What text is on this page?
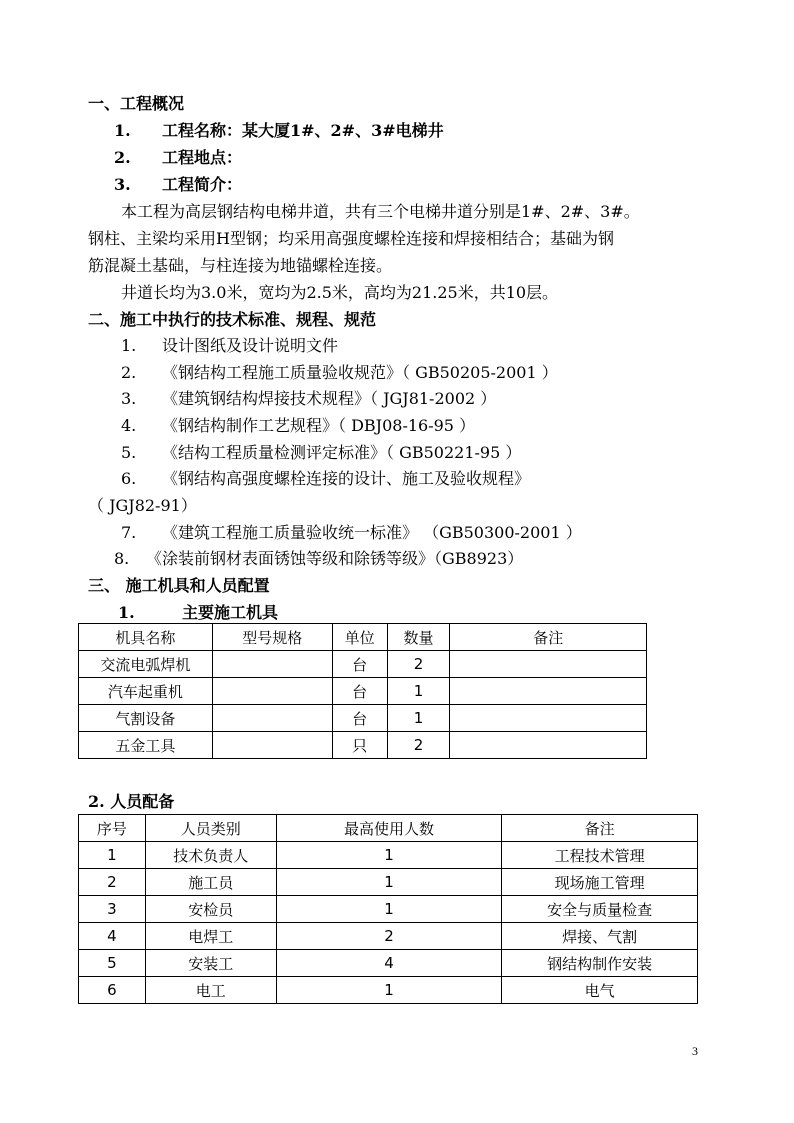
一、工程概况
1. 工程名称：某大厦1#、2#、3#电梯井
2. 工程地点：
3. 工程简介：
本工程为高层钢结构电梯井道，共有三个电梯井道分别是1#、2#、3#。
钢柱、主梁均采用H型钢；均采用高强度螺栓连接和焊接相结合；基础为钢
筋混凝土基础，与柱连接为地锚螺栓连接。
井道长均为3.0米，宽均为2.5米，高均为21.25米，共10层。
二、施工中执行的技术标准、规程、规范
1. 设计图纸及设计说明文件
2. 《钢结构工程施工质量验收规范》（ GB50205-2001 ）
3. 《建筑钢结构焊接技术规程》（ JGJ81-2002 ）
4. 《钢结构制作工艺规程》（ DBJ08-16-95 ）
5. 《结构工程质量检测评定标准》（ GB50221-95 ）
6. 《钢结构高强度螺栓连接的设计、施工及验收规程》
（ JGJ82-91）
7. 《建筑工程施工质量验收统一标准》 （GB50300-2001 ）
8. 《涂装前钢材表面锈蚀等级和除锈等级》（GB8923）
三、 施工机具和人员配置
1.	主要施工机具
机具名称	型号规格	单位	数量	备注
交流电弧焊机		台	2	
汽车起重机		台	1	
气割设备		台	1	
五金工具		只	2	
2. 人员配备
序号	人员类别	最高使用人数	备注
1	技术负责人	1	工程技术管理
2	施工员	1	现场施工管理
3	安检员	1	安全与质量检查
4	电焊工	2	焊接、气割
5	安装工	4	钢结构制作安装
6	电工	1	电气
3
